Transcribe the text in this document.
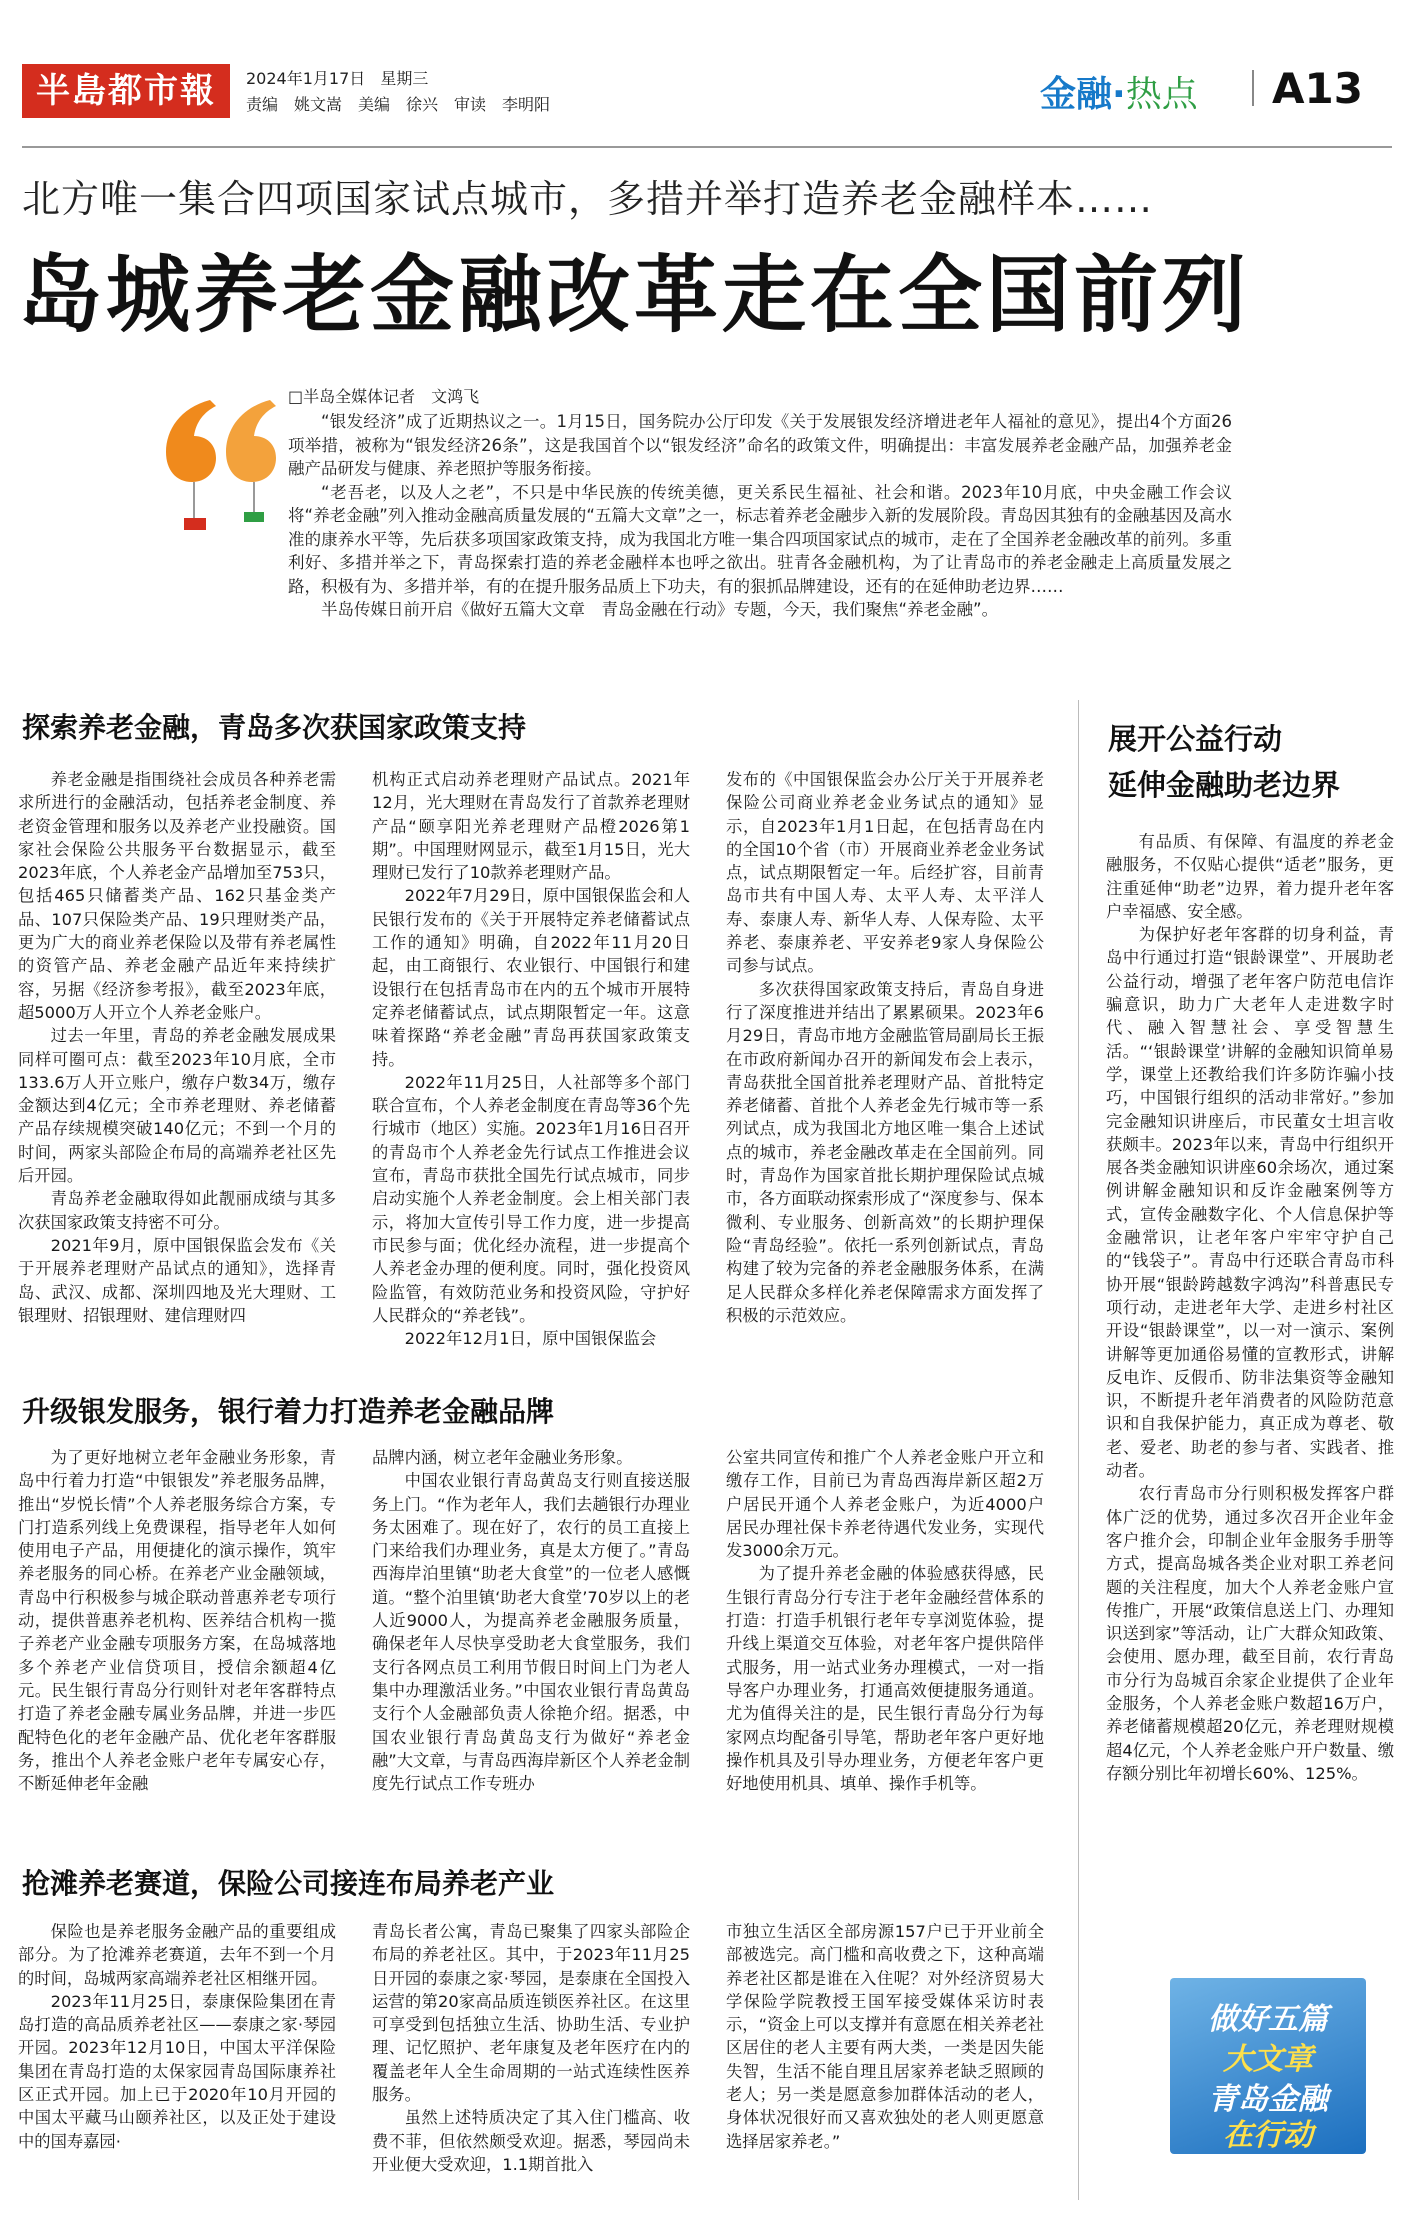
半島都市報	2024年1月17日 星期三
责编　姚文嵩　美编　徐兴　审读　李明阳	金融·热点 A13
北方唯一集合四项国家试点城市，多措并举打造养老金融样本……
岛城养老金融改革走在全国前列
□半岛全媒体记者　文鸿飞

“银发经济”成了近期热议之一。1月15日，国务院办公厅印发《关于发展银发经济增进老年人福祉的意见》，提出4个方面26项举措，被称为“银发经济26条”，这是我国首个以“银发经济”命名的政策文件，明确提出：丰富发展养老金融产品，加强养老金融产品研发与健康、养老照护等服务衔接。

“老吾老，以及人之老”，不只是中华民族的传统美德，更关系民生福祉、社会和谐。2023年10月底，中央金融工作会议将“养老金融”列入推动金融高质量发展的“五篇大文章”之一，标志着养老金融步入新的发展阶段。青岛因其独有的金融基因及高水准的康养水平等，先后获多项国家政策支持，成为我国北方唯一集合四项国家试点的城市，走在了全国养老金融改革的前列。多重利好、多措并举之下，青岛探索打造的养老金融样本也呼之欲出。驻青各金融机构，为了让青岛市的养老金融走上高质量发展之路，积极有为、多措并举，有的在提升服务品质上下功夫，有的狠抓品牌建设，还有的在延伸助老边界……

半岛传媒日前开启《做好五篇大文章　青岛金融在行动》专题，今天，我们聚焦“养老金融”。

探索养老金融，青岛多次获国家政策支持

养老金融是指围绕社会成员各种养老需求所进行的金融活动，包括养老金制度、养老资金管理和服务以及养老产业投融资。国家社会保险公共服务平台数据显示，截至2023年底，个人养老金产品增加至753只，包括465只储蓄类产品、162只基金类产品、107只保险类产品、19只理财类产品，更为广大的商业养老保险以及带有养老属性的资管产品、养老金融产品近年来持续扩容，另据《经济参考报》，截至2023年底，超5000万人开立个人养老金账户。

过去一年里，青岛的养老金融发展成果同样可圈可点：截至2023年10月底，全市133.6万人开立账户，缴存户数34万，缴存金额达到4亿元；全市养老理财、养老储蓄产品存续规模突破140亿元；不到一个月的时间，两家头部险企布局的高端养老社区先后开园。

青岛养老金融取得如此靓丽成绩与其多次获国家政策支持密不可分。

2021年9月，原中国银保监会发布《关于开展养老理财产品试点的通知》，选择青岛、武汉、成都、深圳四地及光大理财、工银理财、招银理财、建信理财四

机构正式启动养老理财产品试点。2021年12月，光大理财在青岛发行了首款养老理财产品“颐享阳光养老理财产品橙2026第1期”。中国理财网显示，截至1月15日，光大理财已发行了10款养老理财产品。

2022年7月29日，原中国银保监会和人民银行发布的《关于开展特定养老储蓄试点工作的通知》明确，自2022年11月20日起，由工商银行、农业银行、中国银行和建设银行在包括青岛市在内的五个城市开展特定养老储蓄试点，试点期限暂定一年。这意味着探路“养老金融”青岛再获国家政策支持。

2022年11月25日，人社部等多个部门联合宣布，个人养老金制度在青岛等36个先行城市（地区）实施。2023年1月16日召开的青岛市个人养老金先行试点工作推进会议宣布，青岛市获批全国先行试点城市，同步启动实施个人养老金制度。会上相关部门表示，将加大宣传引导工作力度，进一步提高市民参与面；优化经办流程，进一步提高个人养老金办理的便利度。同时，强化投资风险监管，有效防范业务和投资风险，守护好人民群众的“养老钱”。

2022年12月1日，原中国银保监会

发布的《中国银保监会办公厅关于开展养老保险公司商业养老金业务试点的通知》显示，自2023年1月1日起，在包括青岛在内的全国10个省（市）开展商业养老金业务试点，试点期限暂定一年。后经扩容，目前青岛市共有中国人寿、太平人寿、太平洋人寿、泰康人寿、新华人寿、人保寿险、太平养老、泰康养老、平安养老9家人身保险公司参与试点。

多次获得国家政策支持后，青岛自身进行了深度推进并结出了累累硕果。2023年6月29日，青岛市地方金融监管局副局长王振在市政府新闻办召开的新闻发布会上表示，青岛获批全国首批养老理财产品、首批特定养老储蓄、首批个人养老金先行城市等一系列试点，成为我国北方地区唯一集合上述试点的城市，养老金融改革走在全国前列。同时，青岛作为国家首批长期护理保险试点城市，各方面联动探索形成了“深度参与、保本微利、专业服务、创新高效”的长期护理保险“青岛经验”。依托一系列创新试点，青岛构建了较为完备的养老金融服务体系，在满足人民群众多样化养老保障需求方面发挥了积极的示范效应。

升级银发服务，银行着力打造养老金融品牌

为了更好地树立老年金融业务形象，青岛中行着力打造“中银银发”养老服务品牌，推出“岁悦长情”个人养老服务综合方案，专门打造系列线上免费课程，指导老年人如何使用电子产品，用便捷化的演示操作，筑牢养老服务的同心桥。在养老产业金融领域，青岛中行积极参与城企联动普惠养老专项行动，提供普惠养老机构、医养结合机构一揽子养老产业金融专项服务方案，在岛城落地多个养老产业信贷项目，授信余额超4亿元。民生银行青岛分行则针对老年客群特点打造了养老金融专属业务品牌，并进一步匹配特色化的老年金融产品、优化老年客群服务，推出个人养老金账户老年专属安心存，不断延伸老年金融

品牌内涵，树立老年金融业务形象。

中国农业银行青岛黄岛支行则直接送服务上门。“作为老年人，我们去趟银行办理业务太困难了。现在好了，农行的员工直接上门来给我们办理业务，真是太方便了。”青岛西海岸泊里镇“助老大食堂”的一位老人感慨道。“整个泊里镇‘助老大食堂’70岁以上的老人近9000人，为提高养老金融服务质量，确保老年人尽快享受助老大食堂服务，我们支行各网点员工利用节假日时间上门为老人集中办理激活业务。”中国农业银行青岛黄岛支行个人金融部负责人徐艳介绍。据悉，中国农业银行青岛黄岛支行为做好“养老金融”大文章，与青岛西海岸新区个人养老金制度先行试点工作专班办

公室共同宣传和推广个人养老金账户开立和缴存工作，目前已为青岛西海岸新区超2万户居民开通个人养老金账户，为近4000户居民办理社保卡养老待遇代发业务，实现代发3000余万元。

为了提升养老金融的体验感获得感，民生银行青岛分行专注于老年金融经营体系的打造：打造手机银行老年专享浏览体验，提升线上渠道交互体验，对老年客户提供陪伴式服务，用一站式业务办理模式，一对一指导客户办理业务，打通高效便捷服务通道。尤为值得关注的是，民生银行青岛分行为每家网点均配备引导笔，帮助老年客户更好地操作机具及引导办理业务，方便老年客户更好地使用机具、填单、操作手机等。

抢滩养老赛道，保险公司接连布局养老产业

保险也是养老服务金融产品的重要组成部分。为了抢滩养老赛道，去年不到一个月的时间，岛城两家高端养老社区相继开园。

2023年11月25日，泰康保险集团在青岛打造的高品质养老社区——泰康之家·琴园开园。2023年12月10日，中国太平洋保险集团在青岛打造的太保家园青岛国际康养社区正式开园。加上已于2020年10月开园的中国太平藏马山颐养社区，以及正处于建设中的国寿嘉园·

青岛长者公寓，青岛已聚集了四家头部险企布局的养老社区。其中，于2023年11月25日开园的泰康之家·琴园，是泰康在全国投入运营的第20家高品质连锁医养社区。在这里可享受到包括独立生活、协助生活、专业护理、记忆照护、老年康复及老年医疗在内的覆盖老年人全生命周期的一站式连续性医养服务。

虽然上述特质决定了其入住门槛高、收费不菲，但依然颇受欢迎。据悉，琴园尚未开业便大受欢迎，1.1期首批入

市独立生活区全部房源157户已于开业前全部被选完。高门槛和高收费之下，这种高端养老社区都是谁在入住呢？对外经济贸易大学保险学院教授王国军接受媒体采访时表示，“资金上可以支撑并有意愿在相关养老社区居住的老人主要有两大类，一类是因失能失智，生活不能自理且居家养老缺乏照顾的老人；另一类是愿意参加群体活动的老人，身体状况很好而又喜欢独处的老人则更愿意选择居家养老。”

展开公益行动
延伸金融助老边界

有品质、有保障、有温度的养老金融服务，不仅贴心提供“适老”服务，更注重延伸“助老”边界，着力提升老年客户幸福感、安全感。

为保护好老年客群的切身利益，青岛中行通过打造“银龄课堂”、开展助老公益行动，增强了老年客户防范电信诈骗意识，助力广大老年人走进数字时代、融入智慧社会、享受智慧生活。“‘银龄课堂’讲解的金融知识简单易学，课堂上还教给我们许多防诈骗小技巧，中国银行组织的活动非常好。”参加完金融知识讲座后，市民董女士坦言收获颇丰。2023年以来，青岛中行组织开展各类金融知识讲座60余场次，通过案例讲解金融知识和反诈金融案例等方式，宣传金融数字化、个人信息保护等金融常识，让老年客户牢牢守护自己的“钱袋子”。青岛中行还联合青岛市科协开展“银龄跨越数字鸿沟”科普惠民专项行动，走进老年大学、走进乡村社区开设“银龄课堂”，以一对一演示、案例讲解等更加通俗易懂的宣教形式，讲解反电诈、反假币、防非法集资等金融知识，不断提升老年消费者的风险防范意识和自我保护能力，真正成为尊老、敬老、爱老、助老的参与者、实践者、推动者。

农行青岛市分行则积极发挥客户群体广泛的优势，通过多次召开企业年金客户推介会，印制企业年金服务手册等方式，提高岛城各类企业对职工养老问题的关注程度，加大个人养老金账户宣传推广，开展“政策信息送上门、办理知识送到家”等活动，让广大群众知政策、会使用、愿办理，截至目前，农行青岛市分行为岛城百余家企业提供了企业年金服务，个人养老金账户数超16万户，养老储蓄规模超20亿元，养老理财规模超4亿元，个人养老金账户开户数量、缴存额分别比年初增长60%、125%。

做好五篇
大文章
青岛金融
在行动
